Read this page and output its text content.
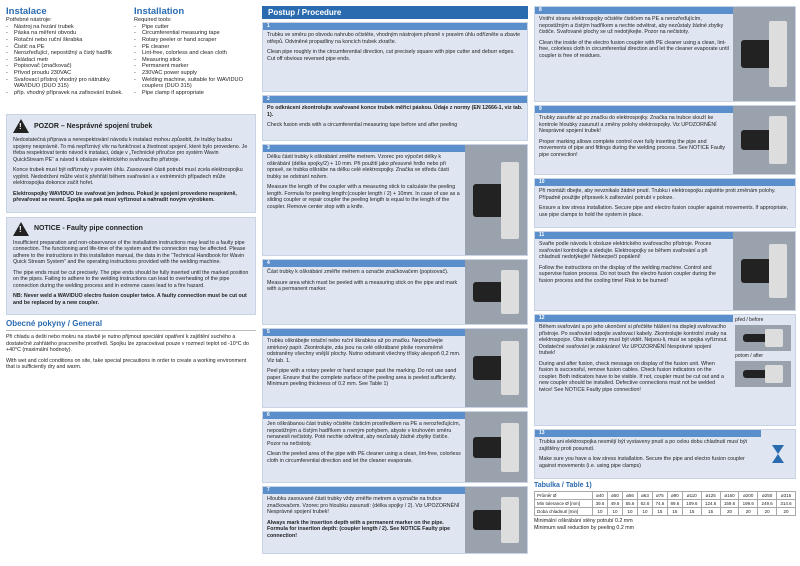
Instalace
Potřebné nástroje:
- Nástroj na řezání trubek
- Páska na měření obvodu
- Rotační nebo ruční škrabka
- Čistič na PE
- Nerozřeďující, nepostižný a čistý hadřík
- Skládací metr
- Popisovač (značkovač)
- Přívod proudu 230VAC
- Svařovací přístroj vhodný pro nátrubky WAVIDUO (DUO 315)
- příp. vhodný přípravek na zafixování trubek.
Installation
Required tools:
- Pipe cutter
- Circumferential measuring tape
- Rotary peeler or hand scraper
- PE cleaner
- Lint-free, colorless and clean cloth
- Measuring stick
- Permanent marker
- 230VAC power supply
- Welding machine, suitable for WAVIDUO couplers (DUO 315)
- Pipe clamp if appropriate
!
POZOR – Nesprávné spojení trubek
Nedostatečná příprava a nerespektování návodu k instalaci mohou způsobit, že trubky budou spojeny nesprávně. To má nepříznivý vliv na funkčnost a životnost spojení, které bylo provedeno. Je třeba respektovat tento návod k instalaci, údaje v „Technické příručce pro systém Wavin QuickStream PE“ a návod k obsluze elektrického svařovacího přístroje.
Konce trubek musí být odříznuty v pravém úhlu. Zasouvané části potrubí musí zcela elektrospojku vyplnit. Nedodržení může vést k přehřátí během svařování a v extrémních případech může elektrospojka dokonce začít hořet.
Elektrospojky WAVIDUO lze svařovat jen jednou. Pokud je spojení provedeno nesprávně, převařovat se nesmí. Spojka se pak musí vyříznout a nahradit novým výrobkem.
!
NOTICE - Faulty pipe connection
Insufficient preparation and non-observance of the installation instructions may lead to a faulty pipe connection. The functioning and life-time of the system and the connection may be affected. Please adhere to the instructions in this installation manual, the data in the “Technical Handbook for Wavin Quick Stream System” and the operating instructions provided with the welding machine.
The pipe ends must be cut precisely. The pipe ends should be fully inserted until the marked position on the pipes. Failing to adhere to the welding instructions can lead to overheating of the pipe connection during the welding process and in extreme cases lead to a fire hazard.
NB: Never weld a WAVIDUO electro fusion coupler twice. A faulty connection must be cut out and be replaced by a new coupler.
Obecné pokyny / General
Při chladu a dešti nebo mokru na stavbě je nutno přijmout speciální opatření k zajištění suchého a dostatečně zahřátého pracovního prostředí. Spojku lze zpracovávat pouze v rozmezí teplot od -10°C do +40°C (maximální hodnoty).
With wet and cold conditions on site, take special precautions in order to create a working environment that is sufficiently dry and warm.
Postup / Procedure
1
Trubku ve směru po obvodu nahrubo očistěte, vhodným nástrojem přesně v pravém úhlu odřízněte a zbavte otřepů. Odviněné propadliny na koncích trubek zkraťte.
Clean pipe roughly in the circumferential direction, cut precisely square with pipe cutter and deburr edges. Cut off obvious reversed pipe ends.
2
Po odkrácení zkontrolujte svařované konce trubek měřicí páskou. Údaje z normy (EN 12666-1, viz tab. 1).
Check fusion ends with a circumferential measuring tape before and after peeling
3
Délku části trubky k oškrábání změřte metrem. Vzorec pro výpočet délky k oškrábání (délka spojky/2) + 10 mm. Při použití jako přesuvné hrdlo nebo při opravě, se trubka oškrábe na délku celé elektrospojky. Značka ve středu části trubky se odstraní nožem.
Measure the length of the coupler with a measuring stick to calculate the peeling length. Formula for peeling length:(coupler length / 2) + 10mm. In case of use as a sliding coupler or repair coupler the peeling length is equal to the length of the coupler. Remove center stop with a knife.
4
Část trubky k oškrábání změřte metrem a označte značkovačem (popisovač).
Measure area which must be peeled with a measuring stick on the pipe and mark with a permanent marker.
5
Trubku oškrábejte rotační nebo ruční škrabkou až po značku. Nepoužívejte smirkový papír. Zkontrolujte, zda jsou na celé oškrábané ploše rovnoměrně odstraněny všechny vnější plochy. Nutno odstranit všechny třísky alespoň 0,2 mm. Viz tab. 1.
Peel pipe with a rotary peeler or hand scraper past the marking. Do not use sand paper. Ensure that the complete surface of the peeling area is peeled sufficiently. Minimum peeling thickness of 0.2 mm. See Table 1)
6
Jen oškrábanou část trubky očistěte čisticím prostředkem na PE a nerozřeďujícím, nepostižným a čistým hadříkem a rovným pohybem, abyste v kruhovém směru nenanesli nečistoty. Poté nechte odvětrat, aby nezůstaly žádné zbytky čističe. Pozor na nečistoty.
Clean the peeled area of the pipe with PE cleaner using a clean, lint-free, colorless cloth in circumferential direction and let the cleaner evaporate.
7
Hloubku zasouvané části trubky vždy změřte metrem a vyznačte na trubce značkovačem. Vzorec pro hloubku zasunutí: (délka spojky / 2). Viz UPOZORNĚNÍ Nesprávné spojení trubek!
Always mark the insertion depth with a permanent marker on the pipe. Formula for insertion depth: (coupler length / 2). See NOTICE Faulty pipe connection!
8
Vnitřní stranu elektrospojky očistěte čističem na PE a nerozřeďujícím, nepostižným a čistým hadříkem a nechte odvětrat, aby nezůstaly žádné zbytky čističe. Svařované plochy se už nedotýkejte. Pozor na nečistoty.
Clean the inside of the electro fusion coupler with PE cleaner using a clean, lint-free, colorless cloth in circumferential direction and let the cleaner evaporate until coupler is free of residues.
9
Trubky zasuňte až po značku do elektrospojky. Značka na trubce slouží ke kontrole hloubky zasunutí a změny polohy elektrospojky. Viz UPOZORNĚNÍ Nesprávné spojení trubek!
Proper marking allows complete control over fully inserting the pipe and movements of pipe and fittings during the welding process. See NOTICE Faulty pipe connection!
10
Při montáži dbejte, aby nevznikalo žádné pnutí. Trubku i elektrospojku zajistěte proti změnám polohy. Případně použijte přípravek k zafixování potrubí v poloze.
Ensure a low stress installation. Secure pipe and electro fusion coupler against movements. If appropriate, use pipe clamps to hold the system in place.
11
Svařte podle návodu k obsluze elektrického svařovacího přístroje. Proces svařování kontrolujte a sledujte. Elektrospojky se během svařování a při chladnutí nedotýkejte! Nebezpečí popálení!
Follow the instructions on the display of the welding machine. Control and supervise fusion process. Do not touch the electro fusion coupler during the fusion process and the cooling time! Risk to be burned!
12
Během svařování a po jeho ukončení si přečtěte hlášení na displeji svařovacího přístroje. Po svařování odpojte svařovací kabely. Zkontrolujte kontrolní znaky na elektrospojce. Oba indikátory musí být vidět. Nejsou-li, musí se spojka vyříznout. Dodatečné svařování je zakázáno! Viz UPOZORNĚNÍ Nesprávné spojení trubek!
During and after fusion, check message on display of the fusion unit. When fusion is successful, remove fusion cables. Check fusion indicators on the coupler. Both indicators have to be visible. If not, coupler must be cut out and a new coupler should be installed. Defective connections must not be welded twice! See NOTICE Faulty pipe connection!
před / before
potom / after
13
Trubka ani elektrospojka nesmějí být vystaveny pnutí a po celou dobu chladnutí musí být zajištěny proti posunutí.
Make sure you have a low stress installation. Secure the pipe and electro fusion coupler against movements (i.e. using pipe clamps)
Tabulka / Table 1)
Průměr Ø	ø40	ø50	ø56	ø63	ø75	ø90	ø110	ø125	ø160	ø200	ø250	ø315
Min tolerance Ø [mm]	39.6	49.6	55.6	62.6	74.6	89.6	109.6	124.6	159.6	199.6	249.6	314.6
Doba chladnutí [min]	10	10	10	10	15	15	15	15	20	20	20	20
Minimální oškrábání stěny potrubí 0.2 mm
Minimum wall reduction by peeling 0.2 mm
